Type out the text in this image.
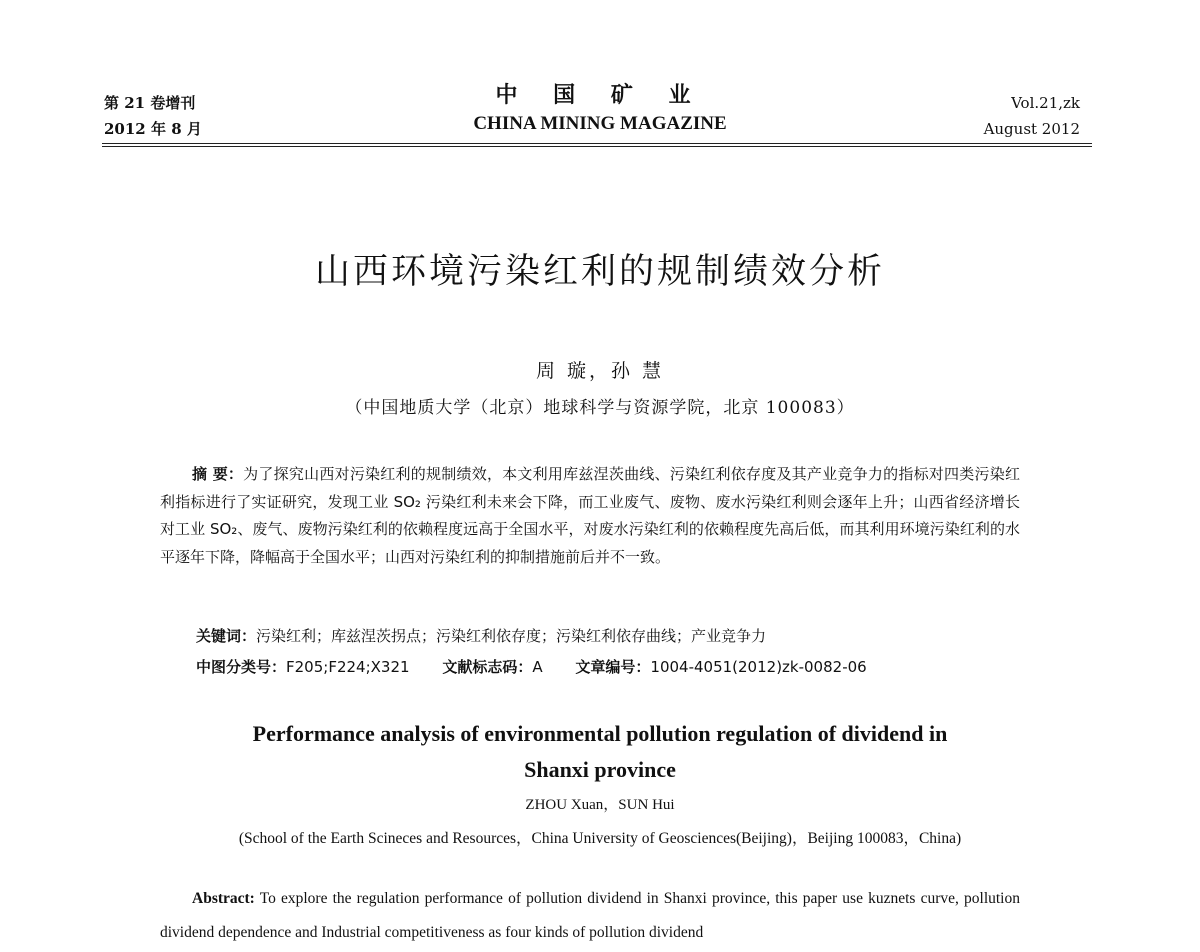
第 21 卷增刊
2012 年 8 月
中 国 矿 业
CHINA MINING MAGAZINE
Vol.21,zk
August 2012
山西环境污染红利的规制绩效分析
周 璇，孙 慧
（中国地质大学（北京）地球科学与资源学院，北京 100083）
摘 要：为了探究山西对污染红利的规制绩效，本文利用库兹涅茨曲线、污染红利依存度及其产业竞争力的指标对四类污染红利指标进行了实证研究，发现工业 SO₂ 污染红利未来会下降，而工业废气、废物、废水污染红利则会逐年上升；山西省经济增长对工业 SO₂、废气、废物污染红利的依赖程度远高于全国水平，对废水污染红利的依赖程度先高后低，而其利用环境污染红利的水平逐年下降，降幅高于全国水平；山西对污染红利的抑制措施前后并不一致。
关键词：污染红利；库兹涅茨拐点；污染红利依存度；污染红利依存曲线；产业竞争力
中图分类号：F205;F224;X321 文献标志码：A 文章编号：1004-4051(2012)zk-0082-06
Performance analysis of environmental pollution regulation of dividend in
Shanxi province
ZHOU Xuan，SUN Hui
(School of the Earth Scineces and Resources，China University of Geosciences(Beijing)，Beijing 100083，China)
Abstract: To explore the regulation performance of pollution dividend in Shanxi province, this paper use kuznets curve, pollution dividend dependence and Industrial competitiveness as four kinds of pollution dividend
